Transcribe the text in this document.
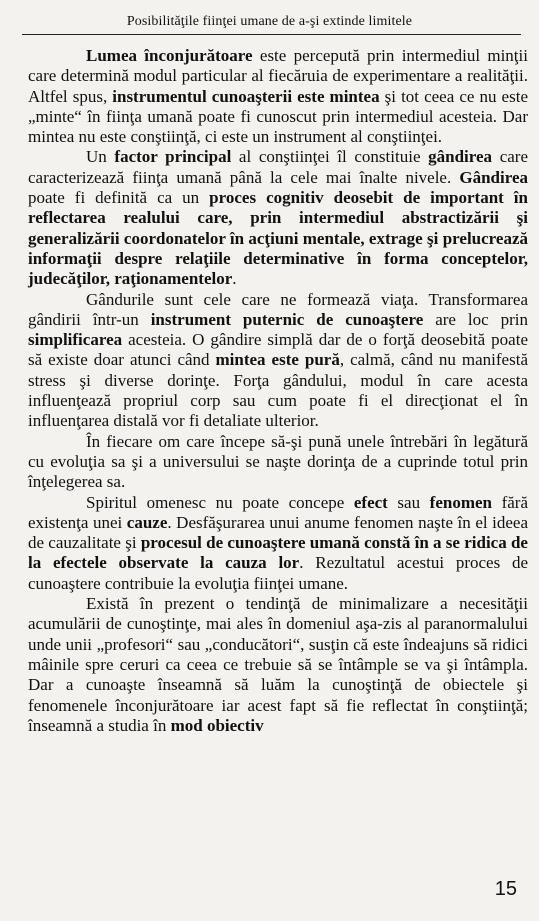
Posibilităţile fiinţei umane de a-şi extinde limitele

Lumea înconjurătoare este percepută prin intermediul minţii care determină modul particular al fiecăruia de experimentare a realităţii. Altfel spus, instrumentul cunoaşterii este mintea şi tot ceea ce nu este „minte“ în fiinţa umană poate fi cunoscut prin intermediul acesteia. Dar mintea nu este conştiinţă, ci este un instrument al conştiinţei.

Un factor principal al conştiinţei îl constituie gândirea care caracterizează fiinţa umană până la cele mai înalte nivele. Gândirea poate fi definită ca un proces cognitiv deosebit de important în reflectarea realului care, prin intermediul abstractizării şi generalizării coordonatelor în acţiuni mentale, extrage şi prelucrează informaţii despre relaţiile determinative în forma conceptelor, judecăţilor, raţionamentelor.

Gândurile sunt cele care ne formează viaţa. Transformarea gândirii într-un instrument puternic de cunoaştere are loc prin simplificarea acesteia. O gândire simplă dar de o forţă deosebită poate să existe doar atunci când mintea este pură, calmă, când nu manifestă stress şi diverse dorinţe. Forţa gândului, modul în care acesta influenţează propriul corp sau cum poate fi el direcţionat el în influenţarea distală vor fi detaliate ulterior.

În fiecare om care începe să-şi pună unele întrebări în legătură cu evoluţia sa şi a universului se naşte dorinţa de a cuprinde totul prin înţelegerea sa.

Spiritul omenesc nu poate concepe efect sau fenomen fără existenţa unei cauze. Desfăşurarea unui anume fenomen naşte în el ideea de cauzalitate şi procesul de cunoaştere umană constă în a se ridica de la efectele observate la cauza lor. Rezultatul acestui proces de cunoaştere contribuie la evoluţia fiinţei umane.

Există în prezent o tendinţă de minimalizare a necesităţii acumulării de cunoştinţe, mai ales în domeniul aşa-zis al paranormalului unde unii „profesori“ sau „conducători“, susţin că este îndeajuns să ridici mâinile spre ceruri ca ceea ce trebuie să se întâmple se va şi întâmpla. Dar a cunoaşte înseamnă să luăm la cunoştinţă de obiectele şi fenomenele înconjurătoare iar acest fapt să fie reflectat în conştiinţă; înseamnă a studia în mod obiectiv

15
